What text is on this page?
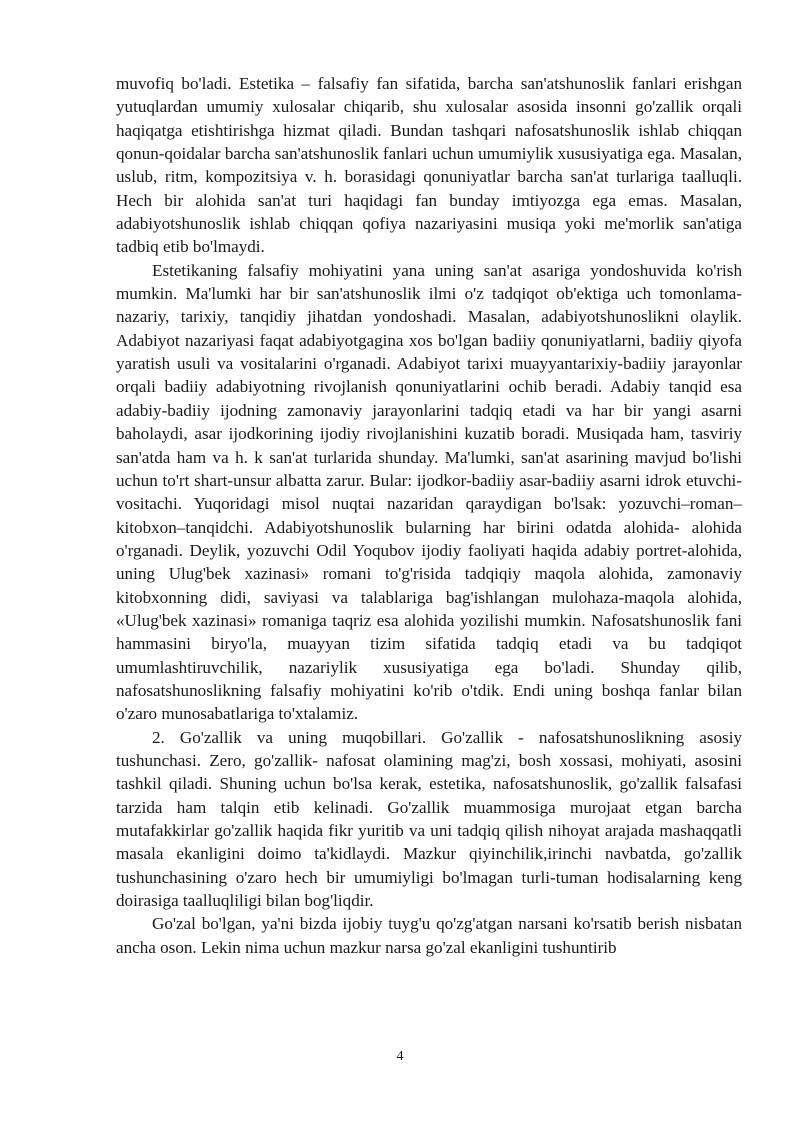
muvofiq bo'ladi. Estetika – falsafiy fan sifatida, barcha san'atshunoslik fanlari erishgan yutuqlardan umumiy xulosalar chiqarib, shu xulosalar asosida insonni go'zallik orqali haqiqatga etishtirishga hizmat qiladi. Bundan tashqari nafosatshunoslik ishlab chiqqan qonun-qoidalar barcha san'atshunoslik fanlari uchun umumiylik xususiyatiga ega. Masalan, uslub, ritm, kompozitsiya v. h. borasidagi qonuniyatlar barcha san'at turlariga taalluqli. Hech bir alohida san'at turi haqidagi fan bunday imtiyozga ega emas. Masalan, adabiyotshunoslik ishlab chiqqan qofiya nazariyasini musiqa yoki me'morlik san'atiga tadbiq etib bo'lmaydi.

Estetikaning falsafiy mohiyatini yana uning san'at asariga yondoshuvida ko'rish mumkin. Ma'lumki har bir san'atshunoslik ilmi o'z tadqiqot ob'ektiga uch tomonlama- nazariy, tarixiy, tanqidiy jihatdan yondoshadi. Masalan, adabiyotshunoslikni olaylik. Adabiyot nazariyasi faqat adabiyotgagina xos bo'lgan badiiy qonuniyatlarni, badiiy qiyofa yaratish usuli va vositalarini o'rganadi. Adabiyot tarixi muayyantarixiy-badiiy jarayonlar orqali badiiy adabiyotning rivojlanish qonuniyatlarini ochib beradi. Adabiy tanqid esa adabiy-badiiy ijodning zamonaviy jarayonlarini tadqiq etadi va har bir yangi asarni baholaydi, asar ijodkorining ijodiy rivojlanishini kuzatib boradi. Musiqada ham, tasviriy san'atda ham va h. k san'at turlarida shunday. Ma'lumki, san'at asarining mavjud bo'lishi uchun to'rt shart-unsur albatta zarur. Bular: ijodkor-badiiy asar-badiiy asarni idrok etuvchi-vositachi. Yuqoridagi misol nuqtai nazaridan qaraydigan bo'lsak: yozuvchi–roman–kitobxon–tanqidchi. Adabiyotshunoslik bularning har birini odatda alohida- alohida o'rganadi. Deylik, yozuvchi Odil Yoqubov ijodiy faoliyati haqida adabiy portret-alohida, uning Ulug'bek xazinasi» romani to'g'risida tadqiqiy maqola alohida, zamonaviy kitobxonning didi, saviyasi va talablariga bag'ishlangan mulohaza-maqola alohida, «Ulug'bek xazinasi» romaniga taqriz esa alohida yozilishi mumkin. Nafosatshunoslik fani hammasini biryo'la, muayyan tizim sifatida tadqiq etadi va bu tadqiqot umumlashtiruvchilik, nazariylik xususiyatiga ega bo'ladi. Shunday qilib, nafosatshunoslikning falsafiy mohiyatini ko'rib o'tdik. Endi uning boshqa fanlar bilan o'zaro munosabatlariga to'xtalamiz.

2. Go'zallik va uning muqobillari. Go'zallik - nafosatshunoslikning asosiy tushunchasi. Zero, go'zallik- nafosat olamining mag'zi, bosh xossasi, mohiyati, asosini tashkil qiladi. Shuning uchun bo'lsa kerak, estetika, nafosatshunoslik, go'zallik falsafasi tarzida ham talqin etib kelinadi. Go'zallik muammosiga murojaat etgan barcha mutafakkirlar go'zallik haqida fikr yuritib va uni tadqiq qilish nihoyat arajada mashaqqatli masala ekanligini doimo ta'kidlaydi. Mazkur qiyinchilik,irinchi navbatda, go'zallik tushunchasining o'zaro hech bir umumiyligi bo'lmagan turli-tuman hodisalarning keng doirasiga taalluqliligi bilan bog'liqdir.

Go'zal bo'lgan, ya'ni bizda ijobiy tuyg'u qo'zg'atgan narsani ko'rsatib berish nisbatan ancha oson. Lekin nima uchun mazkur narsa go'zal ekanligini tushuntirib

4
